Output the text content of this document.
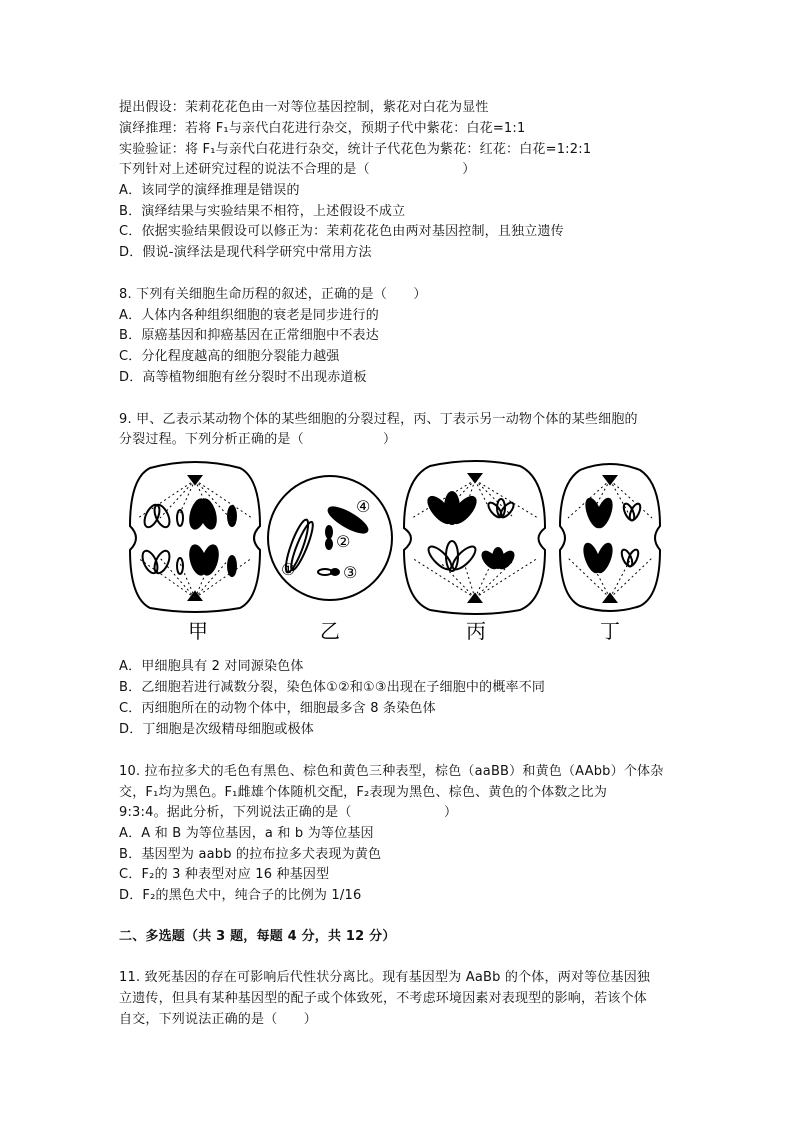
提出假设：茉莉花花色由一对等位基因控制，紫花对白花为显性
演绎推理：若将 F₁与亲代白花进行杂交，预期子代中紫花：白花=1:1
实验验证：将 F₁与亲代白花进行杂交，统计子代花色为紫花：红花：白花=1:2:1
下列针对上述研究过程的说法不合理的是（　　　　　　　）
A．该同学的演绎推理是错误的
B．演绎结果与实验结果不相符，上述假设不成立
C．依据实验结果假设可以修正为：茉莉花花色由两对基因控制，且独立遗传
D．假说-演绎法是现代科学研究中常用方法
8. 下列有关细胞生命历程的叙述，正确的是（　　）
A．人体内各种组织细胞的衰老是同步进行的
B．原癌基因和抑癌基因在正常细胞中不表达
C．分化程度越高的细胞分裂能力越强
D．高等植物细胞有丝分裂时不出现赤道板
9. 甲、乙表示某动物个体的某些细胞的分裂过程，丙、丁表示另一动物个体的某些细胞的
分裂过程。下列分析正确的是（　　　　　　）
①
②
③
④
甲	乙	丙	丁
A．甲细胞具有 2 对同源染色体
B．乙细胞若进行减数分裂，染色体①②和①③出现在子细胞中的概率不同
C．丙细胞所在的动物个体中，细胞最多含 8 条染色体
D．丁细胞是次级精母细胞或极体
10. 拉布拉多犬的毛色有黑色、棕色和黄色三种表型，棕色（aaBB）和黄色（AAbb）个体杂
交，F₁均为黑色。F₁雌雄个体随机交配，F₂表现为黑色、棕色、黄色的个体数之比为
9:3:4。据此分析，下列说法正确的是（　　　　　　　）
A．A 和 B 为等位基因，a 和 b 为等位基因
B．基因型为 aabb 的拉布拉多犬表现为黄色
C．F₂的 3 种表型对应 16 种基因型
D．F₂的黑色犬中，纯合子的比例为 1/16
二、多选题（共 3 题，每题 4 分，共 12 分）
11. 致死基因的存在可影响后代性状分离比。现有基因型为 AaBb 的个体，两对等位基因独
立遗传，但具有某种基因型的配子或个体致死，不考虑环境因素对表现型的影响，若该个体
自交，下列说法正确的是（　　）
